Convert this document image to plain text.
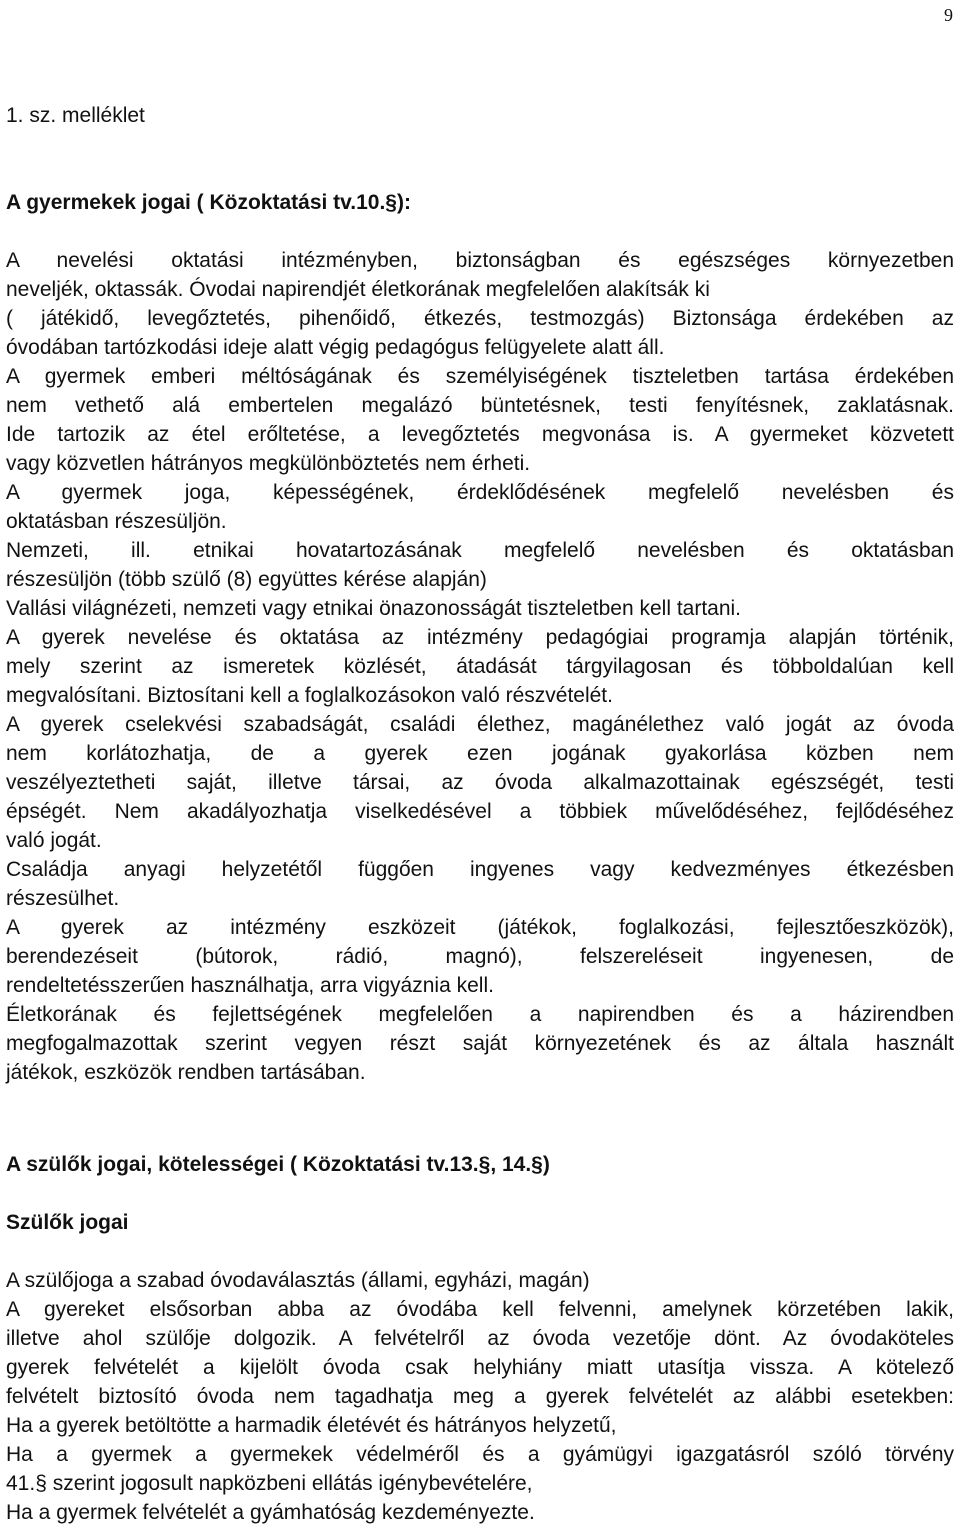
9
1. sz. melléklet
A gyermekek jogai ( Közoktatási tv.10.§):
A nevelési oktatási intézményben, biztonságban és egészséges környezetben
neveljék, oktassák. Óvodai napirendjét életkorának megfelelően alakítsák ki
( játékidő, levegőztetés, pihenőidő, étkezés, testmozgás) Biztonsága érdekében az
óvodában tartózkodási ideje alatt végig pedagógus felügyelete alatt áll.
A gyermek emberi méltóságának és személyiségének tiszteletben tartása érdekében
nem vethető alá embertelen megalázó büntetésnek, testi fenyítésnek, zaklatásnak.
Ide tartozik az étel erőltetése, a levegőztetés megvonása is. A gyermeket közvetett
vagy közvetlen hátrányos megkülönböztetés nem érheti.
A gyermek joga, képességének, érdeklődésének megfelelő nevelésben és
oktatásban részesüljön.
Nemzeti, ill. etnikai hovatartozásának megfelelő nevelésben és oktatásban
részesüljön (több szülő (8) együttes kérése alapján)
Vallási világnézeti, nemzeti vagy etnikai önazonosságát tiszteletben kell tartani.
A gyerek nevelése és oktatása az intézmény pedagógiai programja alapján történik,
mely szerint az ismeretek közlését, átadását tárgyilagosan és többoldalúan kell
megvalósítani. Biztosítani kell a foglalkozásokon való részvételét.
A gyerek cselekvési szabadságát, családi élethez, magánélethez való jogát az óvoda
nem korlátozhatja, de a gyerek ezen jogának gyakorlása közben nem
veszélyeztetheti saját, illetve társai, az óvoda alkalmazottainak egészségét, testi
épségét. Nem akadályozhatja viselkedésével a többiek művelődéséhez, fejlődéséhez
való jogát.
Családja anyagi helyzetétől függően ingyenes vagy kedvezményes étkezésben
részesülhet.
A gyerek az intézmény eszközeit (játékok, foglalkozási, fejlesztőeszközök),
berendezéseit (bútorok, rádió, magnó), felszereléseit ingyenesen, de
rendeltetésszerűen használhatja, arra vigyáznia kell.
Életkorának és fejlettségének megfelelően a napirendben és a házirendben
megfogalmazottak szerint vegyen részt saját környezetének és az általa használt
játékok, eszközök rendben tartásában.
A szülők jogai, kötelességei ( Közoktatási tv.13.§, 14.§)
Szülők jogai
A szülőjoga a szabad óvodaválasztás (állami, egyházi, magán)
A gyereket elsősorban abba az óvodába kell felvenni, amelynek körzetében lakik,
illetve ahol szülője dolgozik. A felvételről az óvoda vezetője dönt. Az óvodaköteles
gyerek felvételét a kijelölt óvoda csak helyhiány miatt utasítja vissza. A kötelező
felvételt biztosító óvoda nem tagadhatja meg a gyerek felvételét az alábbi esetekben:
Ha a gyerek betöltötte a harmadik életévét és hátrányos helyzetű,
Ha a gyermek a gyermekek védelméről és a gyámügyi igazgatásról szóló törvény
41.§ szerint jogosult napközbeni ellátás igénybevételére,
Ha a gyermek felvételét a gyámhatóság kezdeményezte.
